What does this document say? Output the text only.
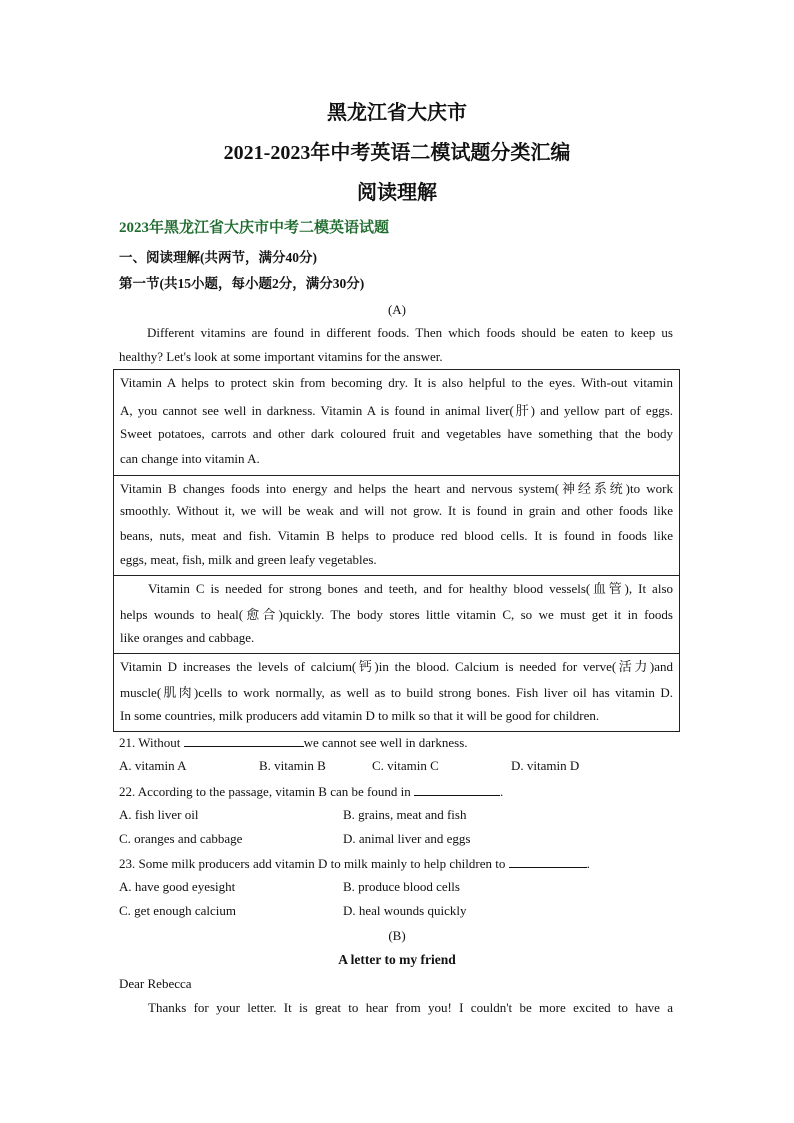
黑龙江省大庆市
2021-2023年中考英语二模试题分类汇编
阅读理解
2023年黑龙江省大庆市中考二模英语试题
一、阅读理解(共两节，满分40分)
第一节(共15小题，每小题2分，满分30分)
(A)
Different vitamins are found in different foods. Then which foods should be eaten to keep us
healthy? Let's look at some important vitamins for the answer.
Vitamin A helps to protect skin from becoming dry. It is also helpful to the eyes. With-out vitamin
A, you cannot see well in darkness. Vitamin A is found in animal liver(肝) and yellow part of eggs.
Sweet potatoes, carrots and other dark coloured fruit and vegetables have something that the body
can change into vitamin A.
Vitamin B changes foods into energy and helps the heart and nervous system(神经系统)to work
smoothly. Without it, we will be weak and will not grow. It is found in grain and other foods like
beans, nuts, meat and fish. Vitamin B helps to produce red blood cells. It is found in foods like
eggs, meat, fish, milk and green leafy vegetables.
Vitamin C is needed for strong bones and teeth, and for healthy blood vessels(血管), It also
helps wounds to heal(愈合)quickly. The body stores little vitamin C, so we must get it in foods
like oranges and cabbage.
Vitamin D increases the levels of calcium(钙)in the blood. Calcium is needed for verve(活力)and
muscle(肌肉)cells to work normally, as well as to build strong bones. Fish liver oil has vitamin D.
In some countries, milk producers add vitamin D to milk so that it will be good for children.
21. Without	we cannot see well in darkness.
A. vitamin A	B. vitamin B	C. vitamin C	D. vitamin D
22. According to the passage, vitamin B can be found in	.
A. fish liver oil	B. grains, meat and fish
C. oranges and cabbage	D. animal liver and eggs
23. Some milk producers add vitamin D to milk mainly to help children to	.
A. have good eyesight	B. produce blood cells
C. get enough calcium	D. heal wounds quickly
(B)
A letter to my friend
Dear Rebecca
Thanks for your letter. It is great to hear from you! I couldn't be more excited to have a
